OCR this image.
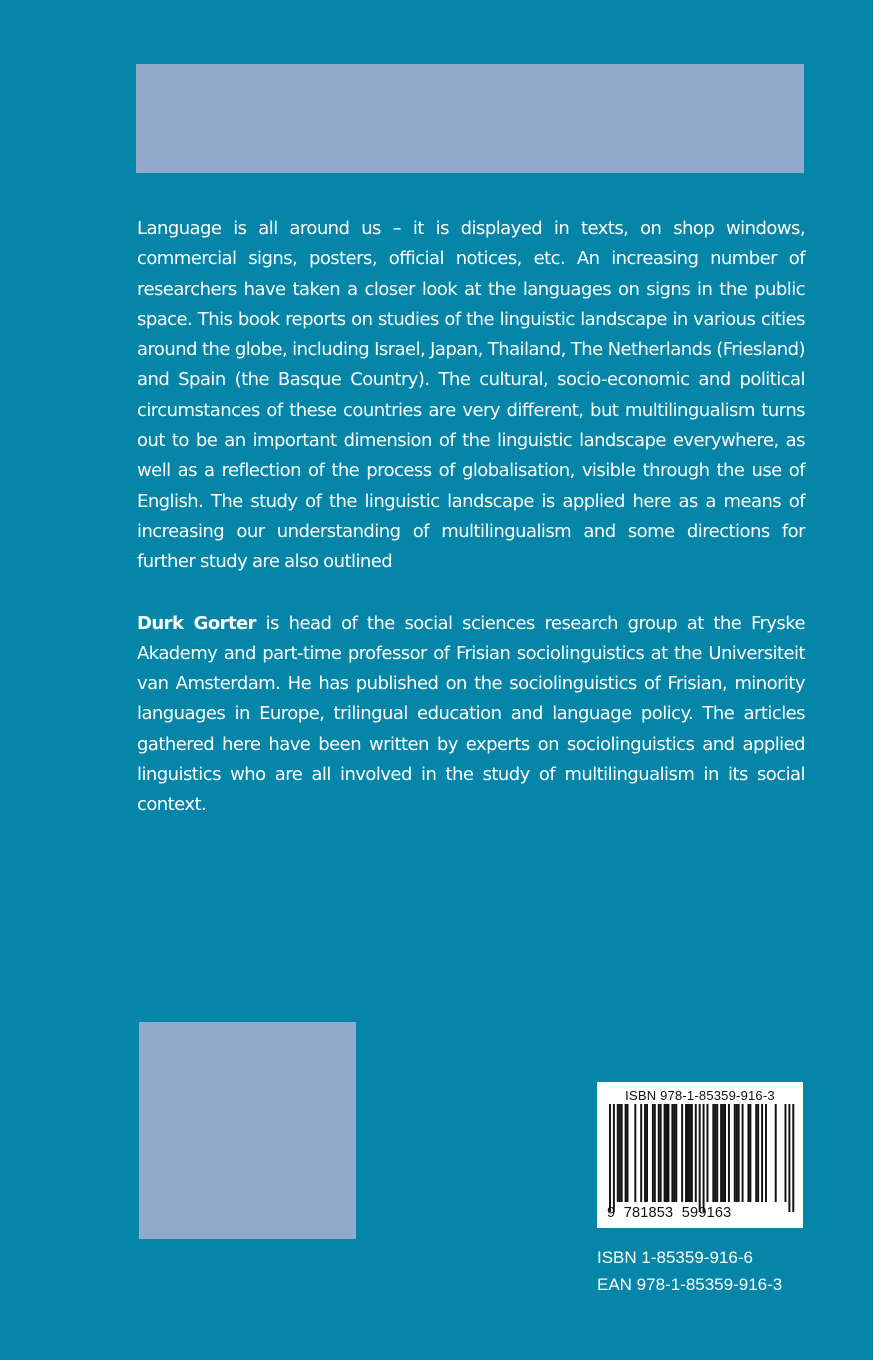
Language is all around us – it is displayed in texts, on shop windows, commercial signs, posters, official notices, etc. An increasing number of researchers have taken a closer look at the languages on signs in the public space. This book reports on studies of the linguistic landscape in various cities around the globe, including Israel, Japan, Thailand, The Netherlands (Friesland) and Spain (the Basque Country). The cultural, socio-economic and political circumstances of these countries are very different, but multilingualism turns out to be an important dimension of the linguistic landscape everywhere, as well as a reflection of the process of globalisation, visible through the use of English. The study of the linguistic landscape is applied here as a means of increasing our understanding of multilingualism and some directions for further study are also outlined

Durk Gorter is head of the social sciences research group at the Fryske Akademy and part-time professor of Frisian sociolinguistics at the Universiteit van Amsterdam. He has published on the sociolinguistics of Frisian, minority languages in Europe, trilingual education and language policy. The articles gathered here have been written by experts on sociolinguistics and applied linguistics who are all involved in the study of multilingualism in its social context.

ISBN 978-1-85359-916-3
9 781853 599163
ISBN 1-85359-916-6
EAN 978-1-85359-916-3
